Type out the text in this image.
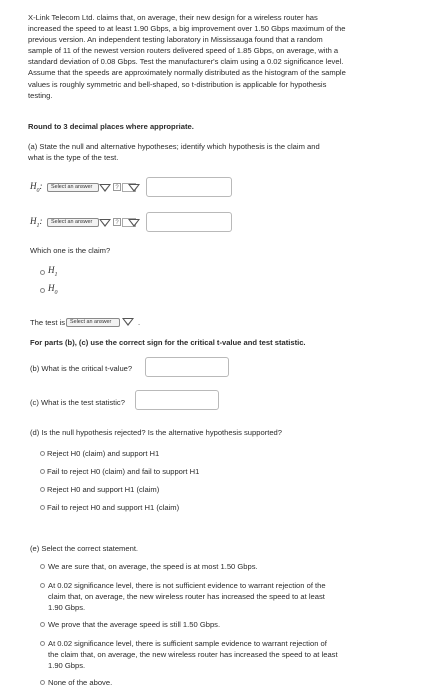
X-Link Telecom Ltd. claims that, on average, their new design for a wireless router has increased the speed to at least 1.90 Gbps, a big improvement over 1.50 Gbps maximum of the previous version. An independent testing laboratory in Mississauga found that a random sample of 11 of the newest version routers delivered speed of 1.85 Gbps, on average, with a standard deviation of 0.08 Gbps. Test the manufacturer's claim using a 0.02 significance level. Assume that the speeds are approximately normally distributed as the histogram of the sample values is roughly symmetric and bell-shaped, so t-distribution is applicable for hypothesis testing.
Round to 3 decimal places where appropriate.
(a) State the null and alternative hypotheses; identify which hypothesis is the claim and what is the type of the test.
$H_0$:	Select an answer	?
$H_1$:	Select an answer	?
Which one is the claim?
$H_1$
$H_0$
The test is Select an answer	.
For parts (b), (c) use the correct sign for the critical t-value and test statistic.
(b) What is the critical t-value?
(c) What is the test statistic?
(d) Is the null hypothesis rejected? Is the alternative hypothesis supported?
Reject H0 (claim) and support H1
Fail to reject H0 (claim) and fail to support H1
Reject H0 and support H1 (claim)
Fail to reject H0 and support H1 (claim)
(e) Select the correct statement.
We are sure that, on average, the speed is at most 1.50 Gbps.
At 0.02 significance level, there is not sufficient evidence to warrant rejection of the claim that, on average, the new wireless router has increased the speed to at least 1.90 Gbps.
We prove that the average speed is still 1.50 Gbps.
At 0.02 significance level, there is sufficient sample evidence to warrant rejection of the claim that, on average, the new wireless router has increased the speed to at least 1.90 Gbps.
None of the above.
